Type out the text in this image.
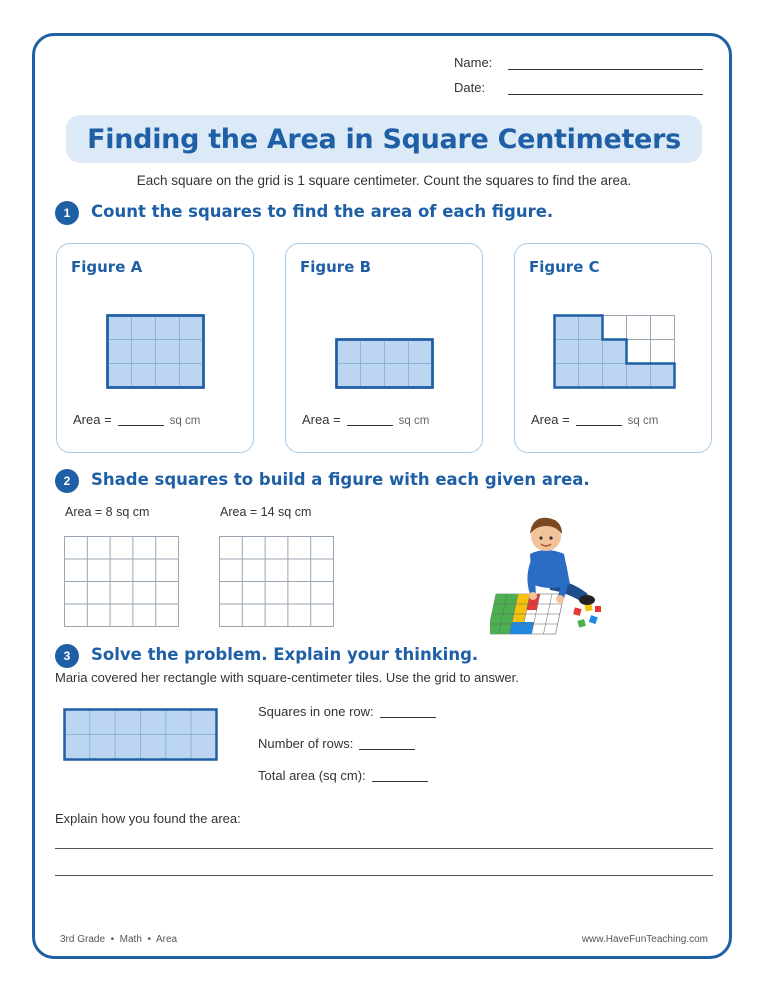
Name:
Date:
Finding the Area in Square Centimeters
Each square on the grid is 1 square centimeter. Count the squares to find the area.
1	Count the squares to find the area of each figure.
Figure A
Area =	sq cm
Figure B
Area =	sq cm
Figure C
Area =	sq cm
2	Shade squares to build a figure with each given area.
Area = 8 sq cm	Area = 14 sq cm
3	Solve the problem. Explain your thinking.
Maria covered her rectangle with square-centimeter tiles. Use the grid to answer.
Squares in one row:
Number of rows:
Total area (sq cm):
Explain how you found the area:
3rd Grade  •  Math  •  Area	www.HaveFunTeaching.com
